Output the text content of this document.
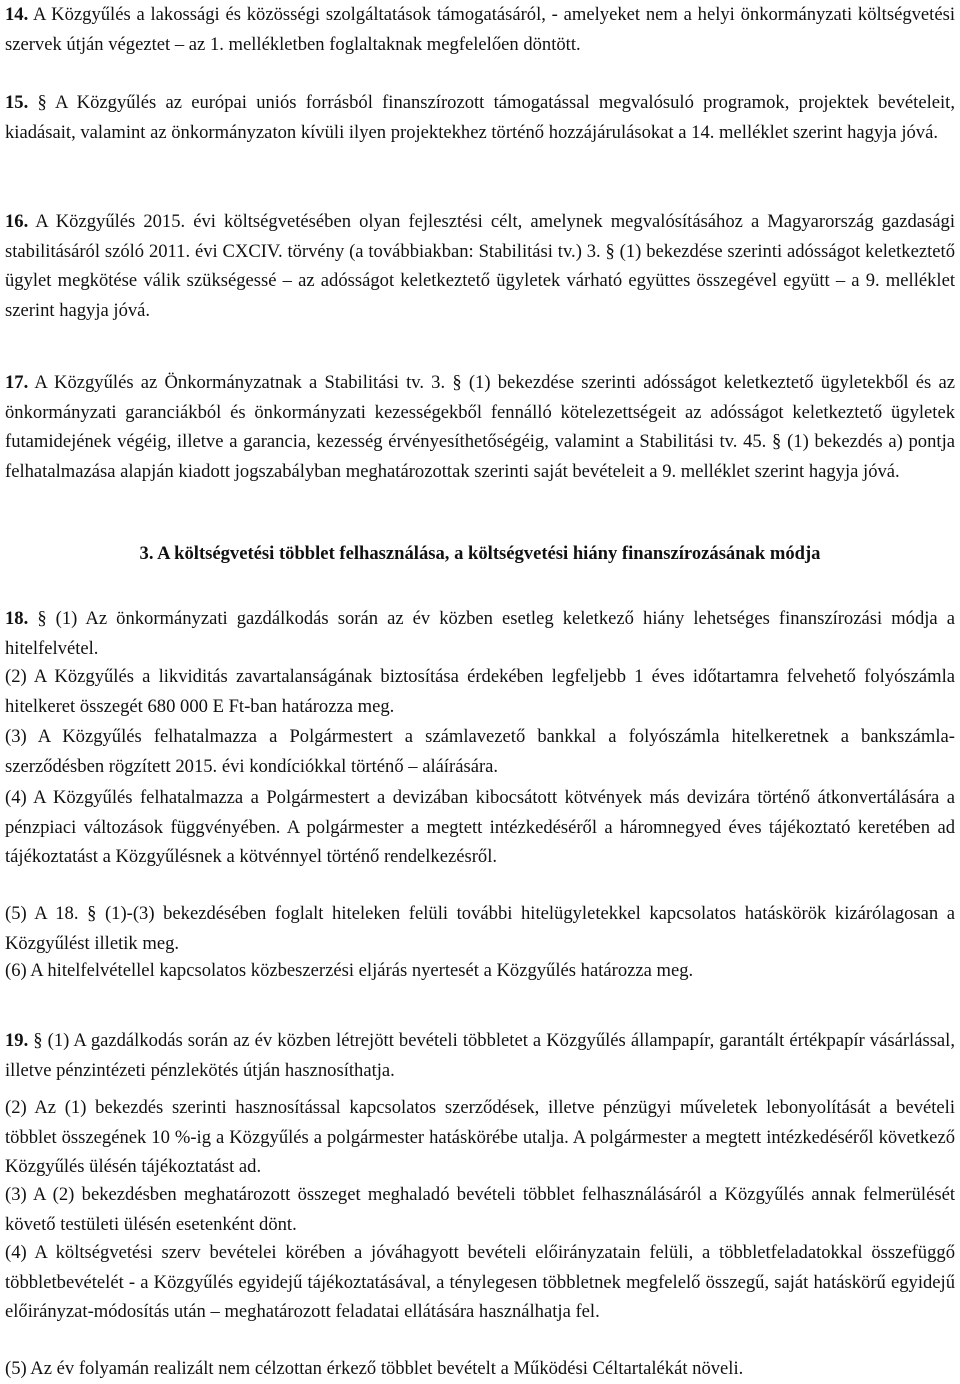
14. A Közgyűlés a lakossági és közösségi szolgáltatások támogatásáról, - amelyeket nem a helyi önkormányzati költségvetési szervek útján végeztet – az 1. mellékletben foglaltaknak megfelelően döntött.

15. § A Közgyűlés az európai uniós forrásból finanszírozott támogatással megvalósuló programok, projektek bevételeit, kiadásait, valamint az önkormányzaton kívüli ilyen projektekhez történő hozzájárulásokat a 14. melléklet szerint hagyja jóvá.

16. A Közgyűlés 2015. évi költségvetésében olyan fejlesztési célt, amelynek megvalósításához a Magyarország gazdasági stabilitásáról szóló 2011. évi CXCIV. törvény (a továbbiakban: Stabilitási tv.) 3. § (1) bekezdése szerinti adósságot keletkeztető ügylet megkötése válik szükségessé – az adósságot keletkeztető ügyletek várható együttes összegével együtt – a 9. melléklet szerint hagyja jóvá.

17. A Közgyűlés az Önkormányzatnak a Stabilitási tv. 3. § (1) bekezdése szerinti adósságot keletkeztető ügyletekből és az önkormányzati garanciákból és önkormányzati kezességekből fennálló kötelezettségeit az adósságot keletkeztető ügyletek futamidejének végéig, illetve a garancia, kezesség érvényesíthetőségéig, valamint a Stabilitási tv. 45. § (1) bekezdés a) pontja felhatalmazása alapján kiadott jogszabályban meghatározottak szerinti saját bevételeit a 9. melléklet szerint hagyja jóvá.

3. A költségvetési többlet felhasználása, a költségvetési hiány finanszírozásának módja

18. § (1) Az önkormányzati gazdálkodás során az év közben esetleg keletkező hiány lehetséges finanszírozási módja a hitelfelvétel.

(2) A Közgyűlés a likviditás zavartalanságának biztosítása érdekében legfeljebb 1 éves időtartamra felvehető folyószámla hitelkeret összegét 680 000 E Ft-ban határozza meg.

(3) A Közgyűlés felhatalmazza a Polgármestert a számlavezető bankkal a folyószámla hitelkeretnek a bankszámla-szerződésben rögzített 2015. évi kondíciókkal történő – aláírására.

(4) A Közgyűlés felhatalmazza a Polgármestert a devizában kibocsátott kötvények más devizára történő átkonvertálására a pénzpiaci változások függvényében. A polgármester a megtett intézkedéséről a háromnegyed éves tájékoztató keretében ad tájékoztatást a Közgyűlésnek a kötvénnyel történő rendelkezésről.

(5) A 18. § (1)-(3) bekezdésében foglalt hiteleken felüli további hitelügyletekkel kapcsolatos hatáskörök kizárólagosan a Közgyűlést illetik meg.

(6) A hitelfelvétellel kapcsolatos közbeszerzési eljárás nyertesét a Közgyűlés határozza meg.

19. § (1) A gazdálkodás során az év közben létrejött bevételi többletet a Közgyűlés állampapír, garantált értékpapír vásárlással, illetve pénzintézeti pénzlekötés útján hasznosíthatja.

(2) Az (1) bekezdés szerinti hasznosítással kapcsolatos szerződések, illetve pénzügyi műveletek lebonyolítását a bevételi többlet összegének 10 %-ig a Közgyűlés a polgármester hatáskörébe utalja. A polgármester a megtett intézkedéséről következő Közgyűlés ülésén tájékoztatást ad.

(3) A (2) bekezdésben meghatározott összeget meghaladó bevételi többlet felhasználásáról a Közgyűlés annak felmerülését követő testületi ülésén esetenként dönt.

(4) A költségvetési szerv bevételei körében a jóváhagyott bevételi előirányzatain felüli, a többletfeladatokkal összefüggő többletbevételét - a Közgyűlés egyidejű tájékoztatásával, a ténylegesen többletnek megfelelő összegű, saját hatáskörű egyidejű előirányzat-módosítás után – meghatározott feladatai ellátására használhatja fel.

(5) Az év folyamán realizált nem célzottan érkező többlet bevételt a Működési Céltartalékát növeli.
